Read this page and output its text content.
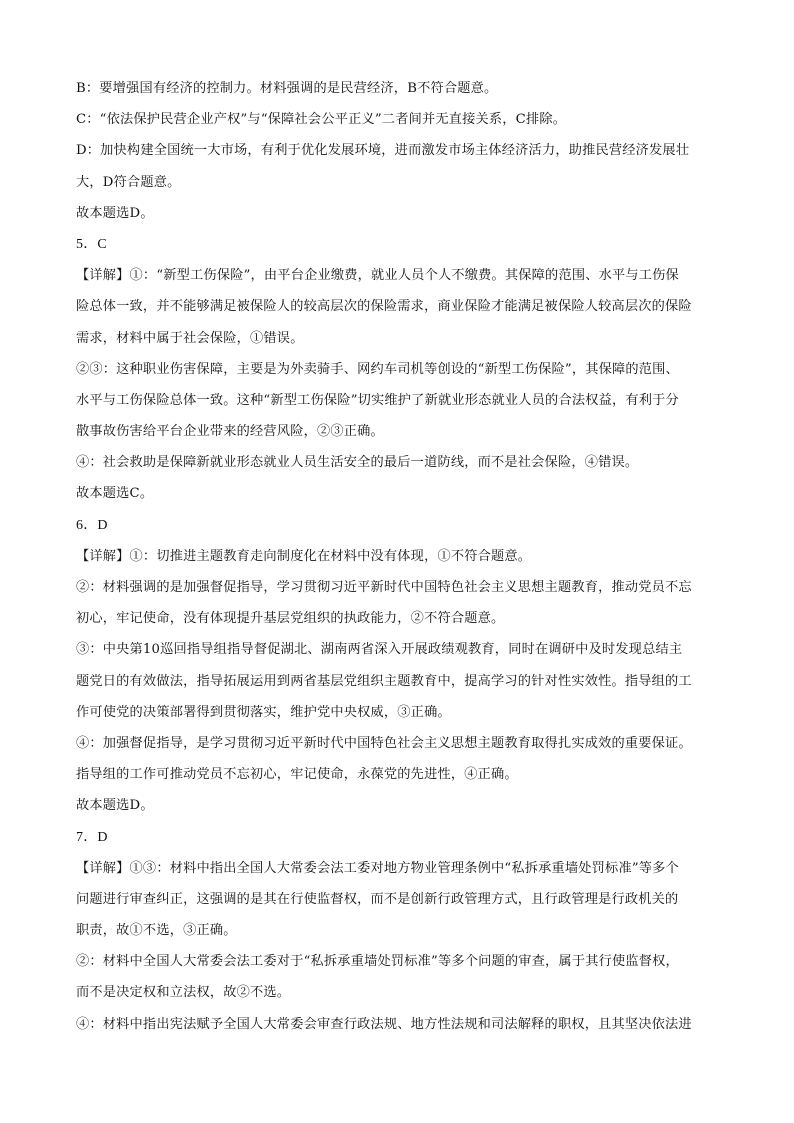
B：要增强国有经济的控制力。材料强调的是民营经济，B不符合题意。
C：“依法保护民营企业产权”与“保障社会公平正义”二者间并无直接关系，C排除。
D：加快构建全国统一大市场，有利于优化发展环境，进而激发市场主体经济活力，助推民营经济发展壮
大，D符合题意。
故本题选D。
5．C
【详解】①：“新型工伤保险”，由平台企业缴费，就业人员个人不缴费。其保障的范围、水平与工伤保
险总体一致，并不能够满足被保险人的较高层次的保险需求，商业保险才能满足被保险人较高层次的保险
需求，材料中属于社会保险，①错误。
②③：这种职业伤害保障，主要是为外卖骑手、网约车司机等创设的“新型工伤保险”，其保障的范围、
水平与工伤保险总体一致。这种“新型工伤保险”切实维护了新就业形态就业人员的合法权益，有利于分
散事故伤害给平台企业带来的经营风险，②③正确。
④：社会救助是保障新就业形态就业人员生活安全的最后一道防线，而不是社会保险，④错误。
故本题选C。
6．D
【详解】①：切推进主题教育走向制度化在材料中没有体现，①不符合题意。
②：材料强调的是加强督促指导，学习贯彻习近平新时代中国特色社会主义思想主题教育，推动党员不忘
初心，牢记使命，没有体现提升基层党组织的执政能力，②不符合题意。
③：中央第10巡回指导组指导督促湖北、湖南两省深入开展政绩观教育，同时在调研中及时发现总结主
题党日的有效做法，指导拓展运用到两省基层党组织主题教育中，提高学习的针对性实效性。指导组的工
作可使党的决策部署得到贯彻落实，维护党中央权威，③正确。
④：加强督促指导，是学习贯彻习近平新时代中国特色社会主义思想主题教育取得扎实成效的重要保证。
指导组的工作可推动党员不忘初心，牢记使命，永葆党的先进性，④正确。
故本题选D。
7．D
【详解】①③：材料中指出全国人大常委会法工委对地方物业管理条例中“私拆承重墙处罚标准”等多个
问题进行审查纠正，这强调的是其在行使监督权，而不是创新行政管理方式，且行政管理是行政机关的
职责，故①不选，③正确。
②：材料中全国人大常委会法工委对于“私拆承重墙处罚标准”等多个问题的审查，属于其行使监督权，
而不是决定权和立法权，故②不选。
④：材料中指出宪法赋予全国人大常委会审查行政法规、地方性法规和司法解释的职权，且其坚决依法进
